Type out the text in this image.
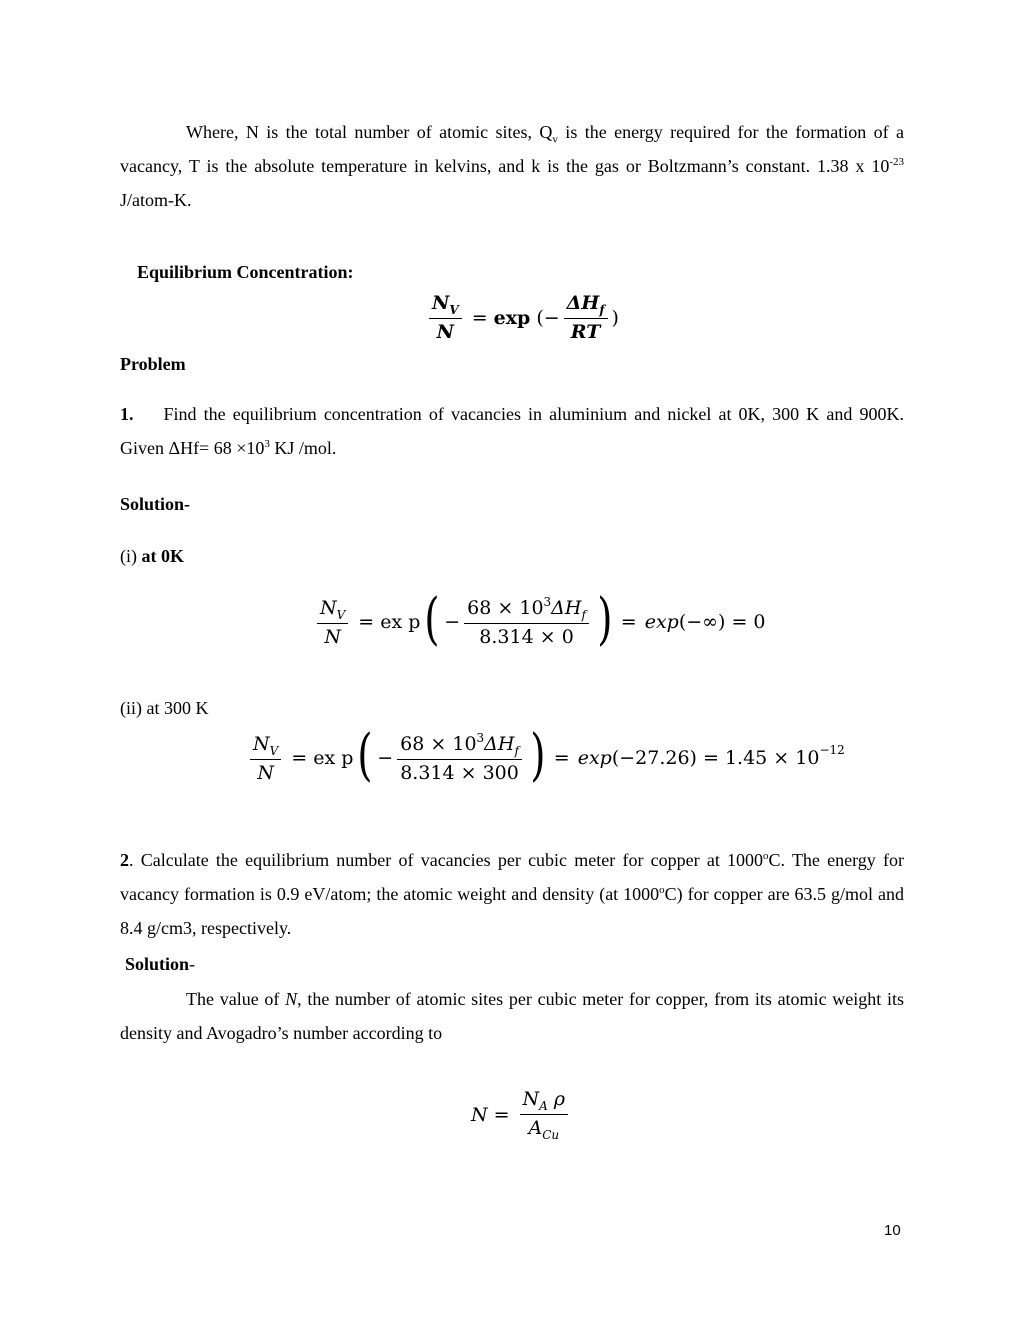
Where, N is the total number of atomic sites, $Q_v$ is the energy required for the formation of a vacancy, T is the absolute temperature in kelvins, and k is the gas or Boltzmann’s constant. 1.38 x $10^{-23}$ J/atom-K.

Equilibrium Concentration:

$\frac{N_V}{N} = \exp$ (− $\frac{\Delta H_f}{RT}$ )

Problem

1. Find the equilibrium concentration of vacancies in aluminium and nickel at 0K, 300 K and 900K. Given $\Delta Hf= 68 \times 10^3$ KJ /mol.

Solution-

(i) at 0K

$\frac{N_V}{N}$ = ex p ( − $\frac{68 \times 10^3\Delta H_f}{8.314 \times 0}$ ) = exp (−∞) = 0

(ii) at 300 K

$\frac{N_V}{N}$ = ex p ( − $\frac{68 \times 10^3\Delta H_f}{8.314 \times 300}$ ) = exp (−27.26) = 1.45 × 10 −12

2. Calculate the equilibrium number of vacancies per cubic meter for copper at 1000$^o$C. The energy for vacancy formation is 0.9 eV/atom; the atomic weight and density (at 1000$^o$C) for copper are 63.5 g/mol and 8.4 g/cm3, respectively.

Solution-

The value of N, the number of atomic sites per cubic meter for copper, from its atomic weight its density and Avogadro’s number according to

$N = \frac{N_A \rho}{A_{Cu}}$
10
